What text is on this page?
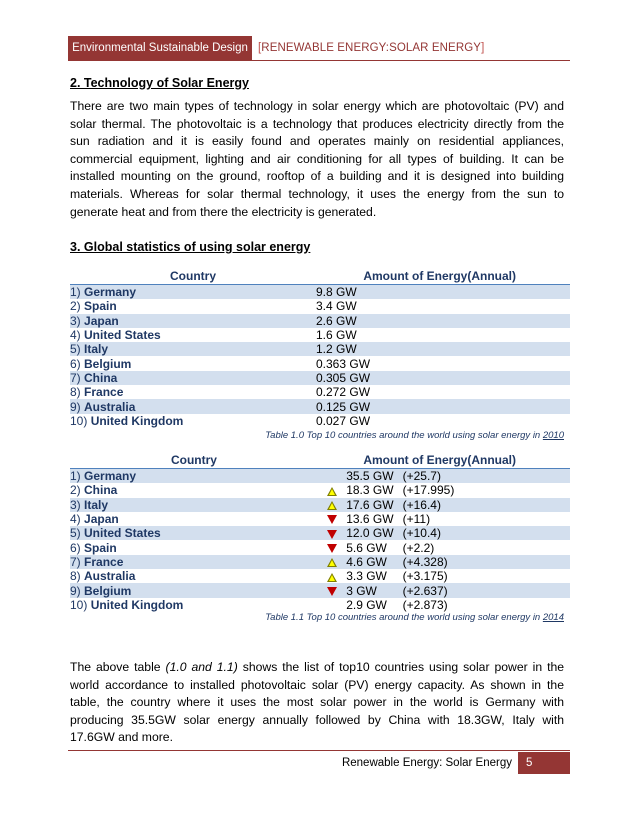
Environmental Sustainable Design [RENEWABLE ENERGY:SOLAR ENERGY]
2. Technology of Solar Energy

There are two main types of technology in solar energy which are photovoltaic (PV) and solar thermal. The photovoltaic is a technology that produces electricity directly from the sun radiation and it is easily found and operates mainly on residential appliances, commercial equipment, lighting and air conditioning for all types of building. It can be installed mounting on the ground, rooftop of a building and it is designed into building materials. Whereas for solar thermal technology, it uses the energy from the sun to generate heat and from there the electricity is generated.

3. Global statistics of using solar energy
Country	Amount of Energy(Annual)
1) Germany	9.8 GW
2) Spain	3.4 GW
3) Japan	2.6 GW
4) United States	1.6 GW
5) Italy	1.2 GW
6) Belgium	0.363 GW
7) China	0.305 GW
8) France	0.272 GW
9) Australia	0.125 GW
10) United Kingdom	0.027 GW
Table 1.0 Top 10 countries around the world using solar energy in 2010
Country	Amount of Energy(Annual)		
1) Germany		35.5 GW	(+25.7)
2) China		18.3 GW	(+17.995)
3) Italy		17.6 GW	(+16.4)
4) Japan		13.6 GW	(+11)
5) United States		12.0 GW	(+10.4)
6) Spain		5.6 GW	(+2.2)
7) France		4.6 GW	(+4.328)
8) Australia		3.3 GW	(+3.175)
9) Belgium		3 GW	(+2.637)
10) United Kingdom		2.9 GW	(+2.873)
Table 1.1 Top 10 countries around the world using solar energy in 2014

The above table (1.0 and 1.1) shows the list of top10 countries using solar power in the world accordance to installed photovoltaic solar (PV) energy capacity. As shown in the table, the country where it uses the most solar power in the world is Germany with producing 35.5GW solar energy annually followed by China with 18.3GW, Italy with 17.6GW and more.

Renewable Energy: Solar Energy	5
